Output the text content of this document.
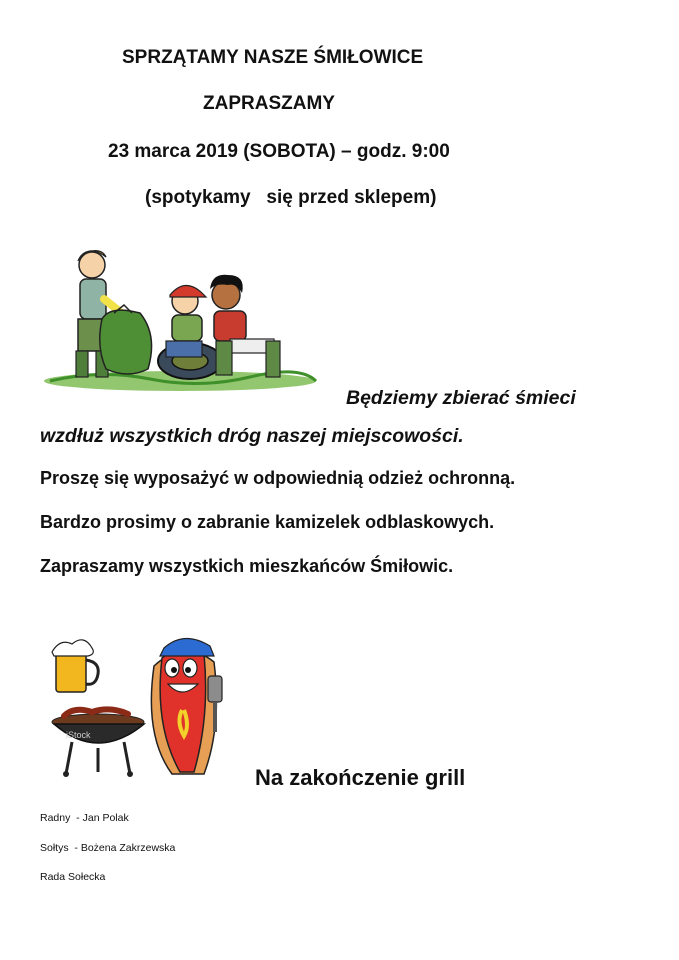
SPRZĄTAMY NASZE ŚMIŁOWICE
ZAPRASZAMY
23 marca 2019 (SOBOTA) – godz. 9:00
(spotykamy   się przed sklepem)
Będziemy zbierać śmieci
wzdłuż wszystkich dróg naszej miejscowości.
Proszę się wyposażyć w odpowiednią odzież ochronną.
Bardzo prosimy o zabranie kamizelek odblaskowych.
Zapraszamy wszystkich mieszkańców Śmiłowic.
iStock
Na zakończenie grill
Radny  - Jan Polak
Sołtys  - Bożena Zakrzewska
Rada Sołecka
